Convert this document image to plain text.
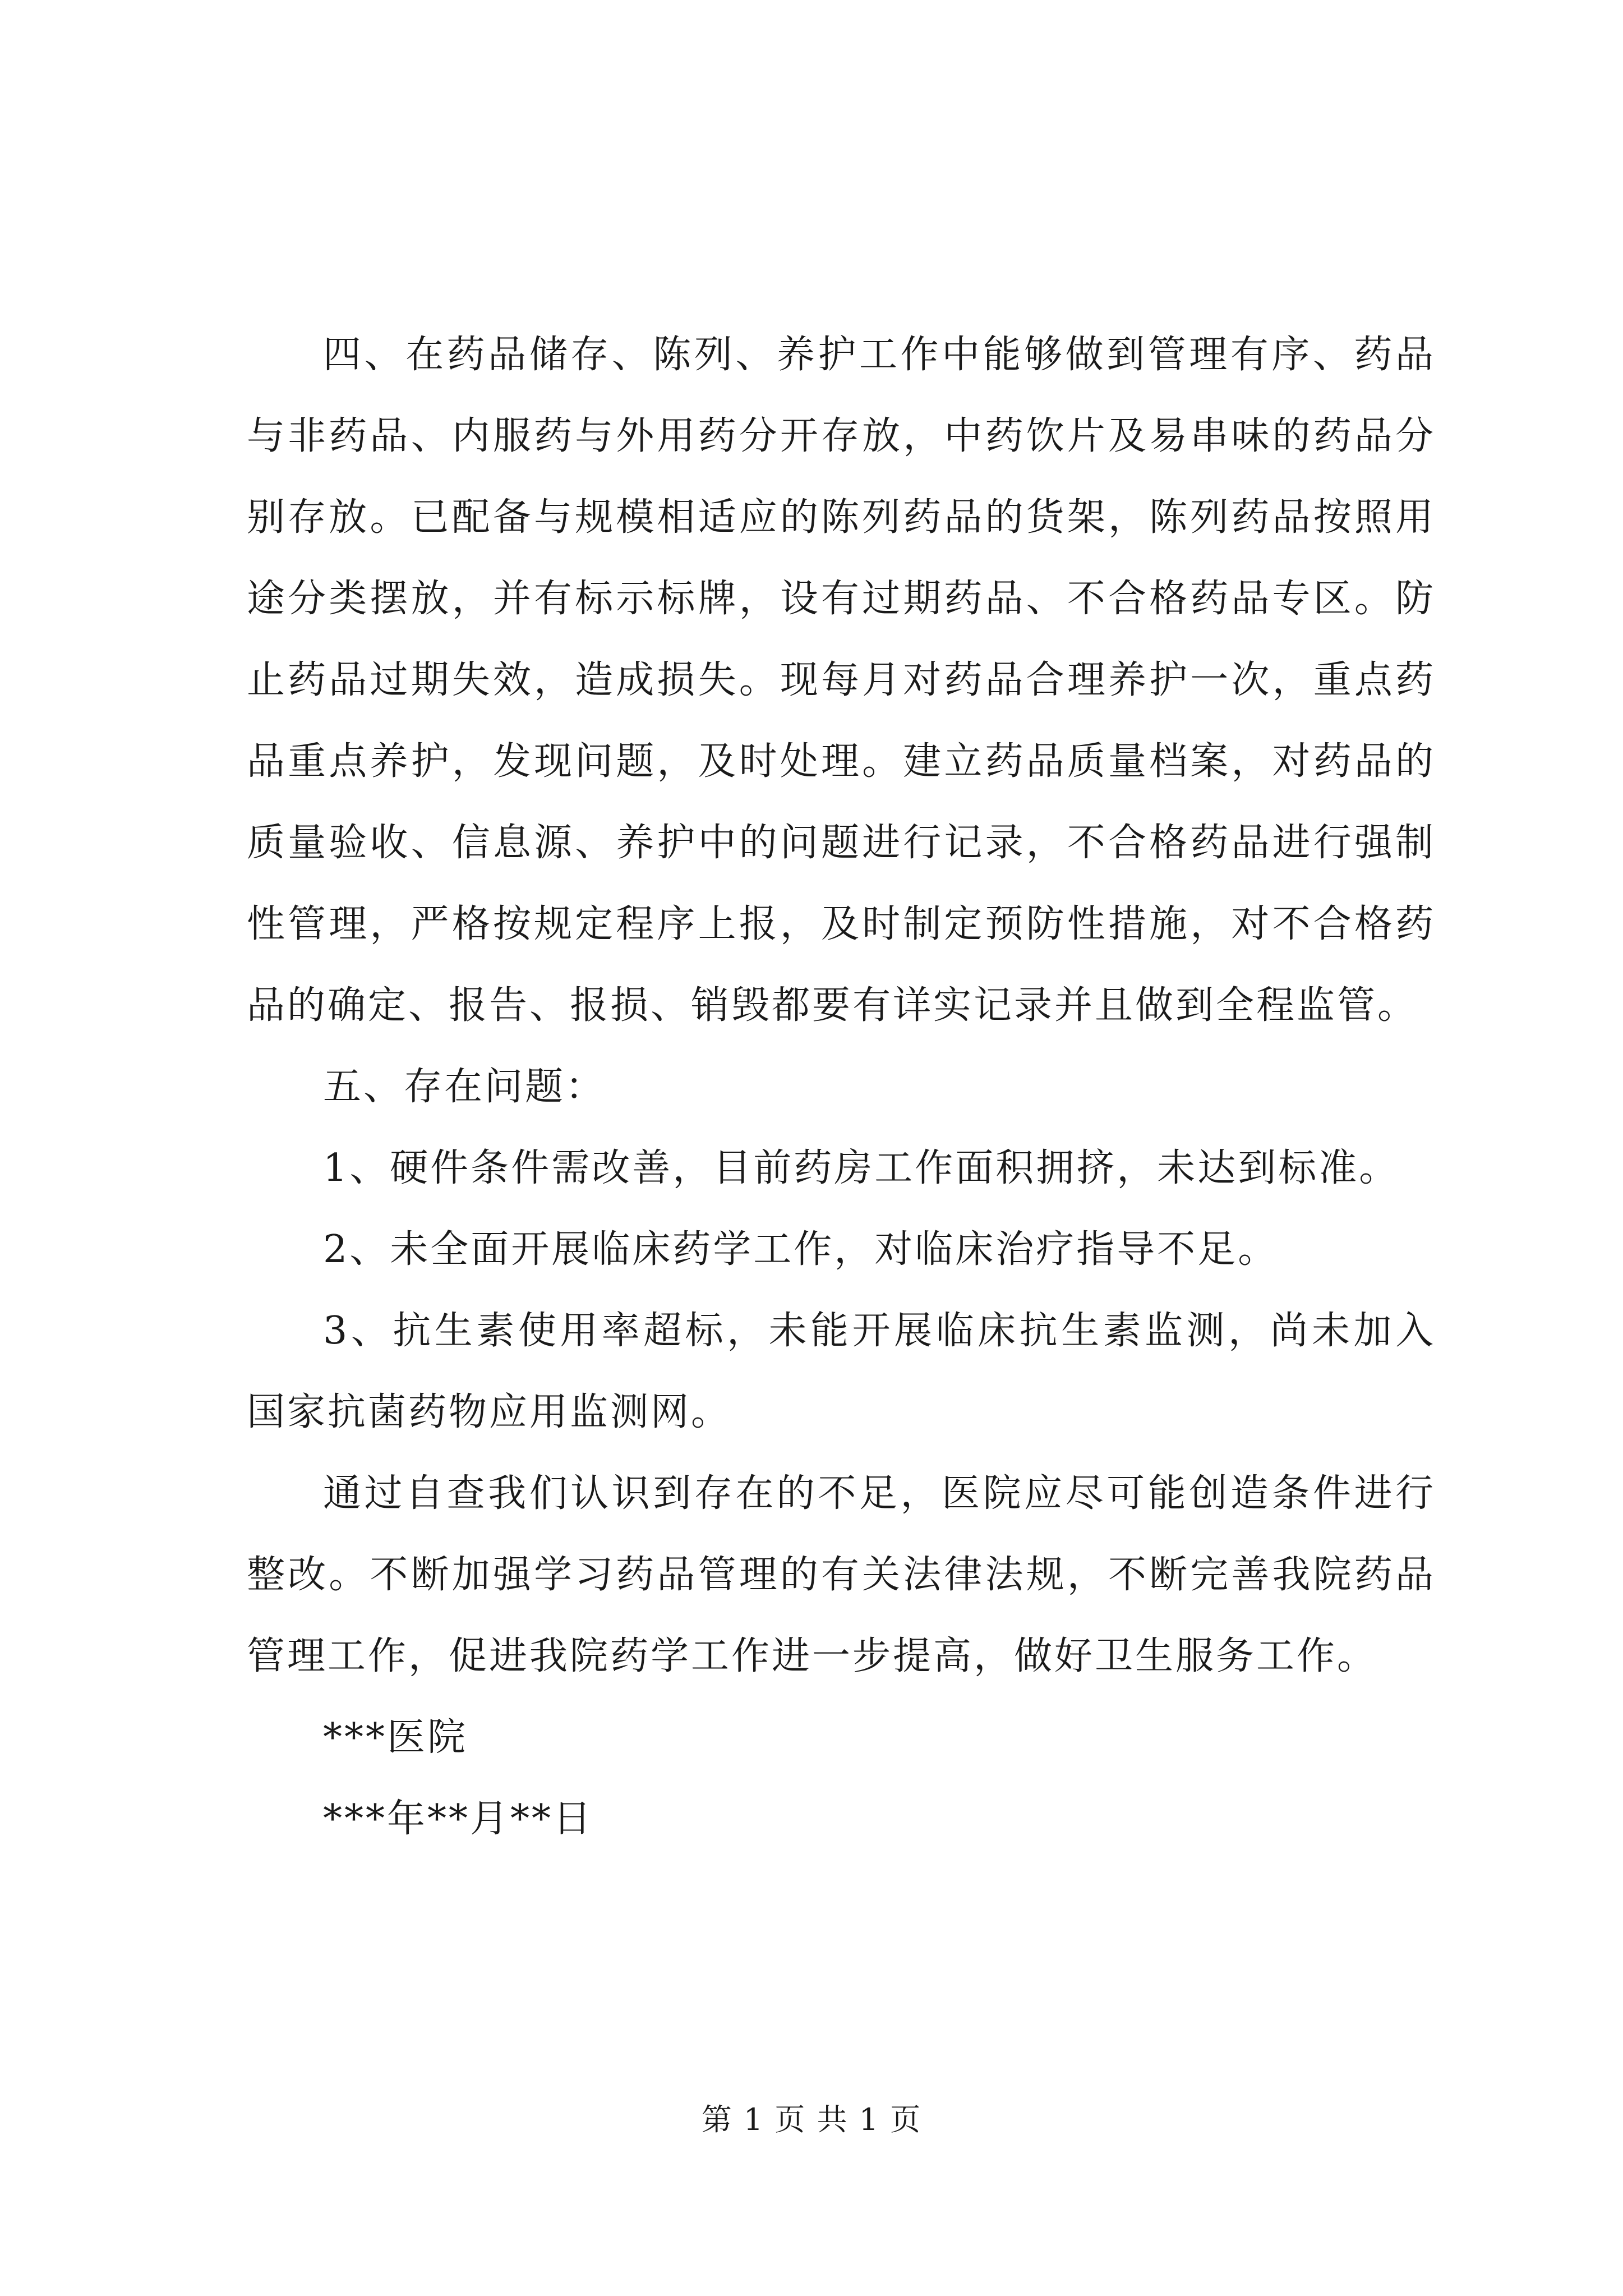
四、在药品储存、陈列、养护工作中能够做到管理有序、药品与非药品、内服药与外用药分开存放，中药饮片及易串味的药品分别存放。已配备与规模相适应的陈列药品的货架，陈列药品按照用途分类摆放，并有标示标牌，设有过期药品、不合格药品专区。防止药品过期失效，造成损失。现每月对药品合理养护一次，重点药品重点养护，发现问题，及时处理。建立药品质量档案，对药品的质量验收、信息源、养护中的问题进行记录，不合格药品进行强制性管理，严格按规定程序上报，及时制定预防性措施，对不合格药品的确定、报告、报损、销毁都要有详实记录并且做到全程监管。

五、存在问题：

1、硬件条件需改善，目前药房工作面积拥挤，未达到标准。

2、未全面开展临床药学工作，对临床治疗指导不足。

3、抗生素使用率超标，未能开展临床抗生素监测，尚未加入国家抗菌药物应用监测网。

通过自查我们认识到存在的不足，医院应尽可能创造条件进行整改。不断加强学习药品管理的有关法律法规，不断完善我院药品管理工作，促进我院药学工作进一步提高，做好卫生服务工作。

***医院

***年**月**日

第 1 页 共 1 页
